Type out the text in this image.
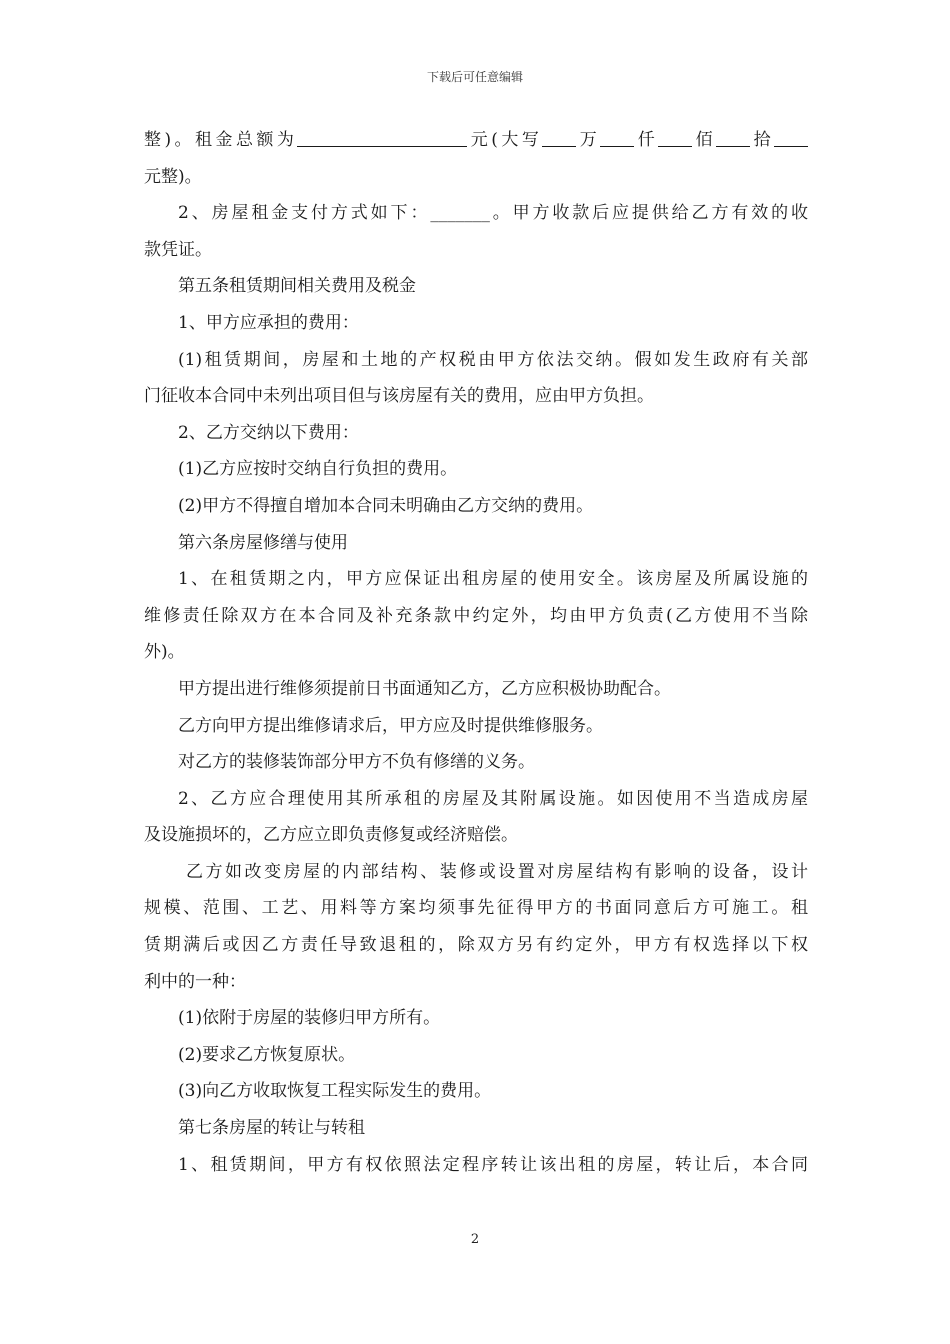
下载后可任意编辑
整)。租金总额为	元(大写 万 仟 佰 拾
元整)。
2、房屋租金支付方式如下：_______。甲方收款后应提供给乙方有效的收
款凭证。
第五条租赁期间相关费用及税金
1、甲方应承担的费用：
(1)租赁期间，房屋和土地的产权税由甲方依法交纳。假如发生政府有关部
门征收本合同中未列出项目但与该房屋有关的费用，应由甲方负担。
2、乙方交纳以下费用：
(1)乙方应按时交纳自行负担的费用。
(2)甲方不得擅自增加本合同未明确由乙方交纳的费用。
第六条房屋修缮与使用
1、在租赁期之内，甲方应保证出租房屋的使用安全。该房屋及所属设施的
维修责任除双方在本合同及补充条款中约定外，均由甲方负责(乙方使用不当除
外)。
甲方提出进行维修须提前日书面通知乙方，乙方应积极协助配合。
乙方向甲方提出维修请求后，甲方应及时提供维修服务。
对乙方的装修装饰部分甲方不负有修缮的义务。
2、乙方应合理使用其所承租的房屋及其附属设施。如因使用不当造成房屋
及设施损坏的，乙方应立即负责修复或经济赔偿。
乙方如改变房屋的内部结构、装修或设置对房屋结构有影响的设备，设计
规模、范围、工艺、用料等方案均须事先征得甲方的书面同意后方可施工。租
赁期满后或因乙方责任导致退租的，除双方另有约定外，甲方有权选择以下权
利中的一种：
(1)依附于房屋的装修归甲方所有。
(2)要求乙方恢复原状。
(3)向乙方收取恢复工程实际发生的费用。
第七条房屋的转让与转租
1、租赁期间，甲方有权依照法定程序转让该出租的房屋，转让后，本合同
2
